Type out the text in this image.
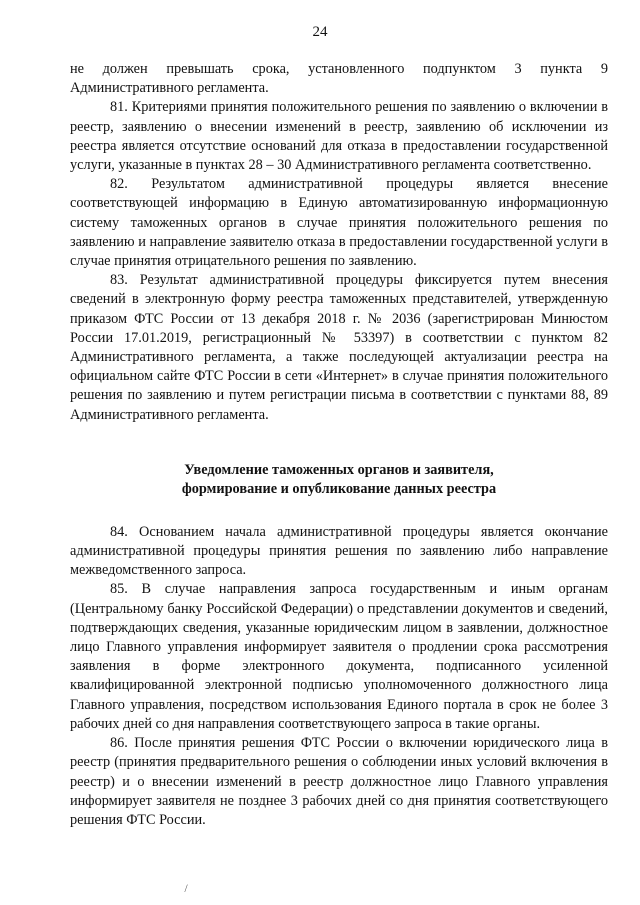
24

не должен превышать срока, установленного подпунктом 3 пункта 9 Административного регламента.

81. Критериями принятия положительного решения по заявлению о включении в реестр, заявлению о внесении изменений в реестр, заявлению об исключении из реестра является отсутствие оснований для отказа в предоставлении государственной услуги, указанные в пунктах 28 – 30 Административного регламента соответственно.

82. Результатом административной процедуры является внесение соответствующей информацию в Единую автоматизированную информационную систему таможенных органов в случае принятия положительного решения по заявлению и направление заявителю отказа в предоставлении государственной услуги в случае принятия отрицательного решения по заявлению.

83. Результат административной процедуры фиксируется путем внесения сведений в электронную форму реестра таможенных представителей, утвержденную приказом ФТС России от 13 декабря 2018 г. № 2036 (зарегистрирован Минюстом России 17.01.2019, регистрационный № 53397) в соответствии с пунктом 82 Административного регламента, а также последующей актуализации реестра на официальном сайте ФТС России в сети «Интернет» в случае принятия положительного решения по заявлению и путем регистрации письма в соответствии с пунктами 88, 89 Административного регламента.

Уведомление таможенных органов и заявителя,
формирование и опубликование данных реестра

84. Основанием начала административной процедуры является окончание административной процедуры принятия решения по заявлению либо направление межведомственного запроса.

85. В случае направления запроса государственным и иным органам (Центральному банку Российской Федерации) о представлении документов и сведений, подтверждающих сведения, указанные юридическим лицом в заявлении, должностное лицо Главного управления информирует заявителя о продлении срока рассмотрения заявления в форме электронного документа, подписанного усиленной квалифицированной электронной подписью уполномоченного должностного лица Главного управления, посредством использования Единого портала в срок не более 3 рабочих дней со дня направления соответствующего запроса в такие органы.

86. После принятия решения ФТС России о включении юридического лица в реестр (принятия предварительного решения о соблюдении иных условий включения в реестр) и о внесении изменений в реестр должностное лицо Главного управления информирует заявителя не позднее 3 рабочих дней со дня принятия соответствующего решения ФТС России.
